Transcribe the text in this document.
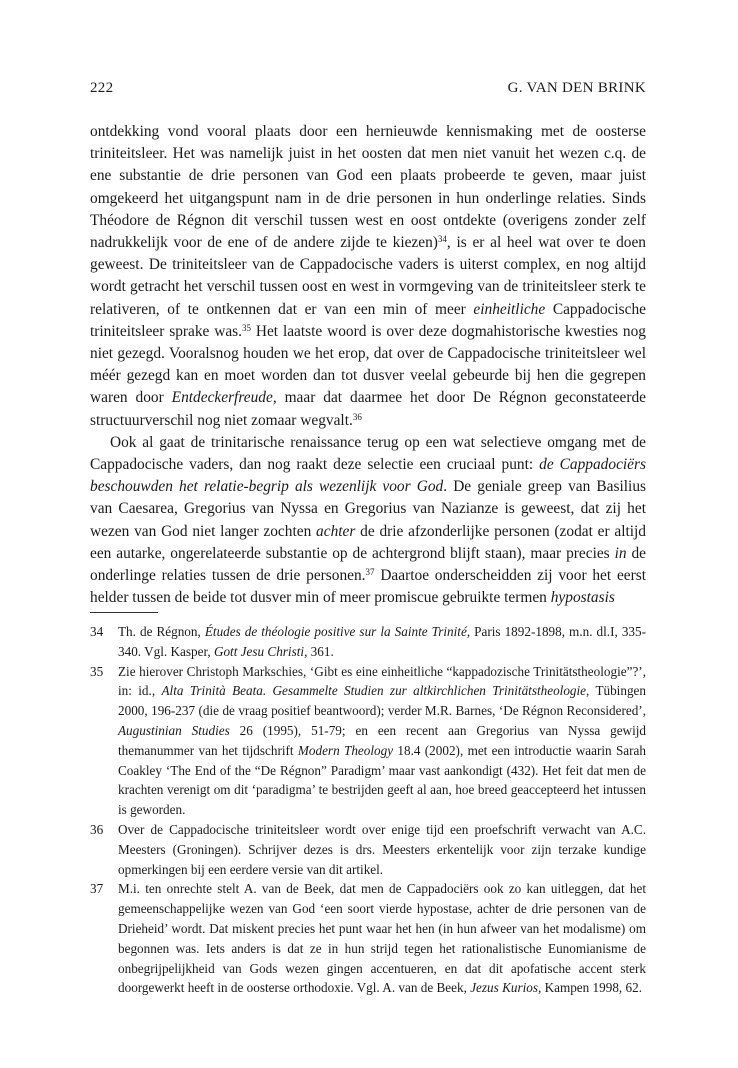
222	G. VAN DEN BRINK

ontdekking vond vooral plaats door een hernieuwde kennismaking met de oosterse triniteitsleer. Het was namelijk juist in het oosten dat men niet vanuit het wezen c.q. de ene substantie de drie personen van God een plaats probeerde te geven, maar juist omgekeerd het uitgangspunt nam in de drie personen in hun onderlinge relaties. Sinds Théodore de Régnon dit verschil tussen west en oost ontdekte (overigens zonder zelf nadrukkelijk voor de ene of de andere zijde te kiezen)$^{34}$, is er al heel wat over te doen geweest. De triniteitsleer van de Cappadocische vaders is uiterst complex, en nog altijd wordt getracht het verschil tussen oost en west in vormgeving van de triniteitsleer sterk te relativeren, of te ontkennen dat er van een min of meer einheitliche Cappadocische triniteitsleer sprake was.$^{35}$ Het laatste woord is over deze dogmahistorische kwesties nog niet gezegd. Vooralsnog houden we het erop, dat over de Cappadocische triniteitsleer wel méér gezegd kan en moet worden dan tot dusver veelal gebeurde bij hen die gegrepen waren door Entdeckerfreude, maar dat daarmee het door De Régnon geconstateerde structuurverschil nog niet zomaar wegvalt.$^{36}$

Ook al gaat de trinitarische renaissance terug op een wat selectieve omgang met de Cappadocische vaders, dan nog raakt deze selectie een cruciaal punt: de Cappadociërs beschouwden het relatie-begrip als wezenlijk voor God. De geniale greep van Basilius van Caesarea, Gregorius van Nyssa en Gregorius van Nazianze is geweest, dat zij het wezen van God niet langer zochten achter de drie afzonderlijke personen (zodat er altijd een autarke, ongerelateerde substantie op de achtergrond blijft staan), maar precies in de onderlinge relaties tussen de drie personen.$^{37}$ Daartoe onderscheidden zij voor het eerst helder tussen de beide tot dusver min of meer promiscue gebruikte termen hypostasis

34 Th. de Régnon, Études de théologie positive sur la Sainte Trinité, Paris 1892-1898, m.n. dl.I, 335-340. Vgl. Kasper, Gott Jesu Christi, 361.
35 Zie hierover Christoph Markschies, ‘Gibt es eine einheitliche “kappadozische Trinitätstheologie”?’, in: id., Alta Trinità Beata. Gesammelte Studien zur altkirchlichen Trinitätstheologie, Tübingen 2000, 196-237 (die de vraag positief beantwoord); verder M.R. Barnes, ‘De Régnon Reconsidered’, Augustinian Studies 26 (1995), 51-79; en een recent aan Gregorius van Nyssa gewijd themanummer van het tijdschrift Modern Theology 18.4 (2002), met een introductie waarin Sarah Coakley ‘The End of the “De Régnon” Paradigm’ maar vast aankondigt (432). Het feit dat men de krachten verenigt om dit ‘paradigma’ te bestrijden geeft al aan, hoe breed geaccepteerd het intussen is geworden.
36 Over de Cappadocische triniteitsleer wordt over enige tijd een proefschrift verwacht van A.C. Meesters (Groningen). Schrijver dezes is drs. Meesters erkentelijk voor zijn terzake kundige opmerkingen bij een eerdere versie van dit artikel.
37 M.i. ten onrechte stelt A. van de Beek, dat men de Cappadociërs ook zo kan uitleggen, dat het gemeenschappelijke wezen van God ‘een soort vierde hypostase, achter de drie personen van de Drieheid’ wordt. Dat miskent precies het punt waar het hen (in hun afweer van het modalisme) om begonnen was. Iets anders is dat ze in hun strijd tegen het rationalistische Eunomianisme de onbegrijpelijkheid van Gods wezen gingen accentueren, en dat dit apofatische accent sterk doorgewerkt heeft in de oosterse orthodoxie. Vgl. A. van de Beek, Jezus Kurios, Kampen 1998, 62.
